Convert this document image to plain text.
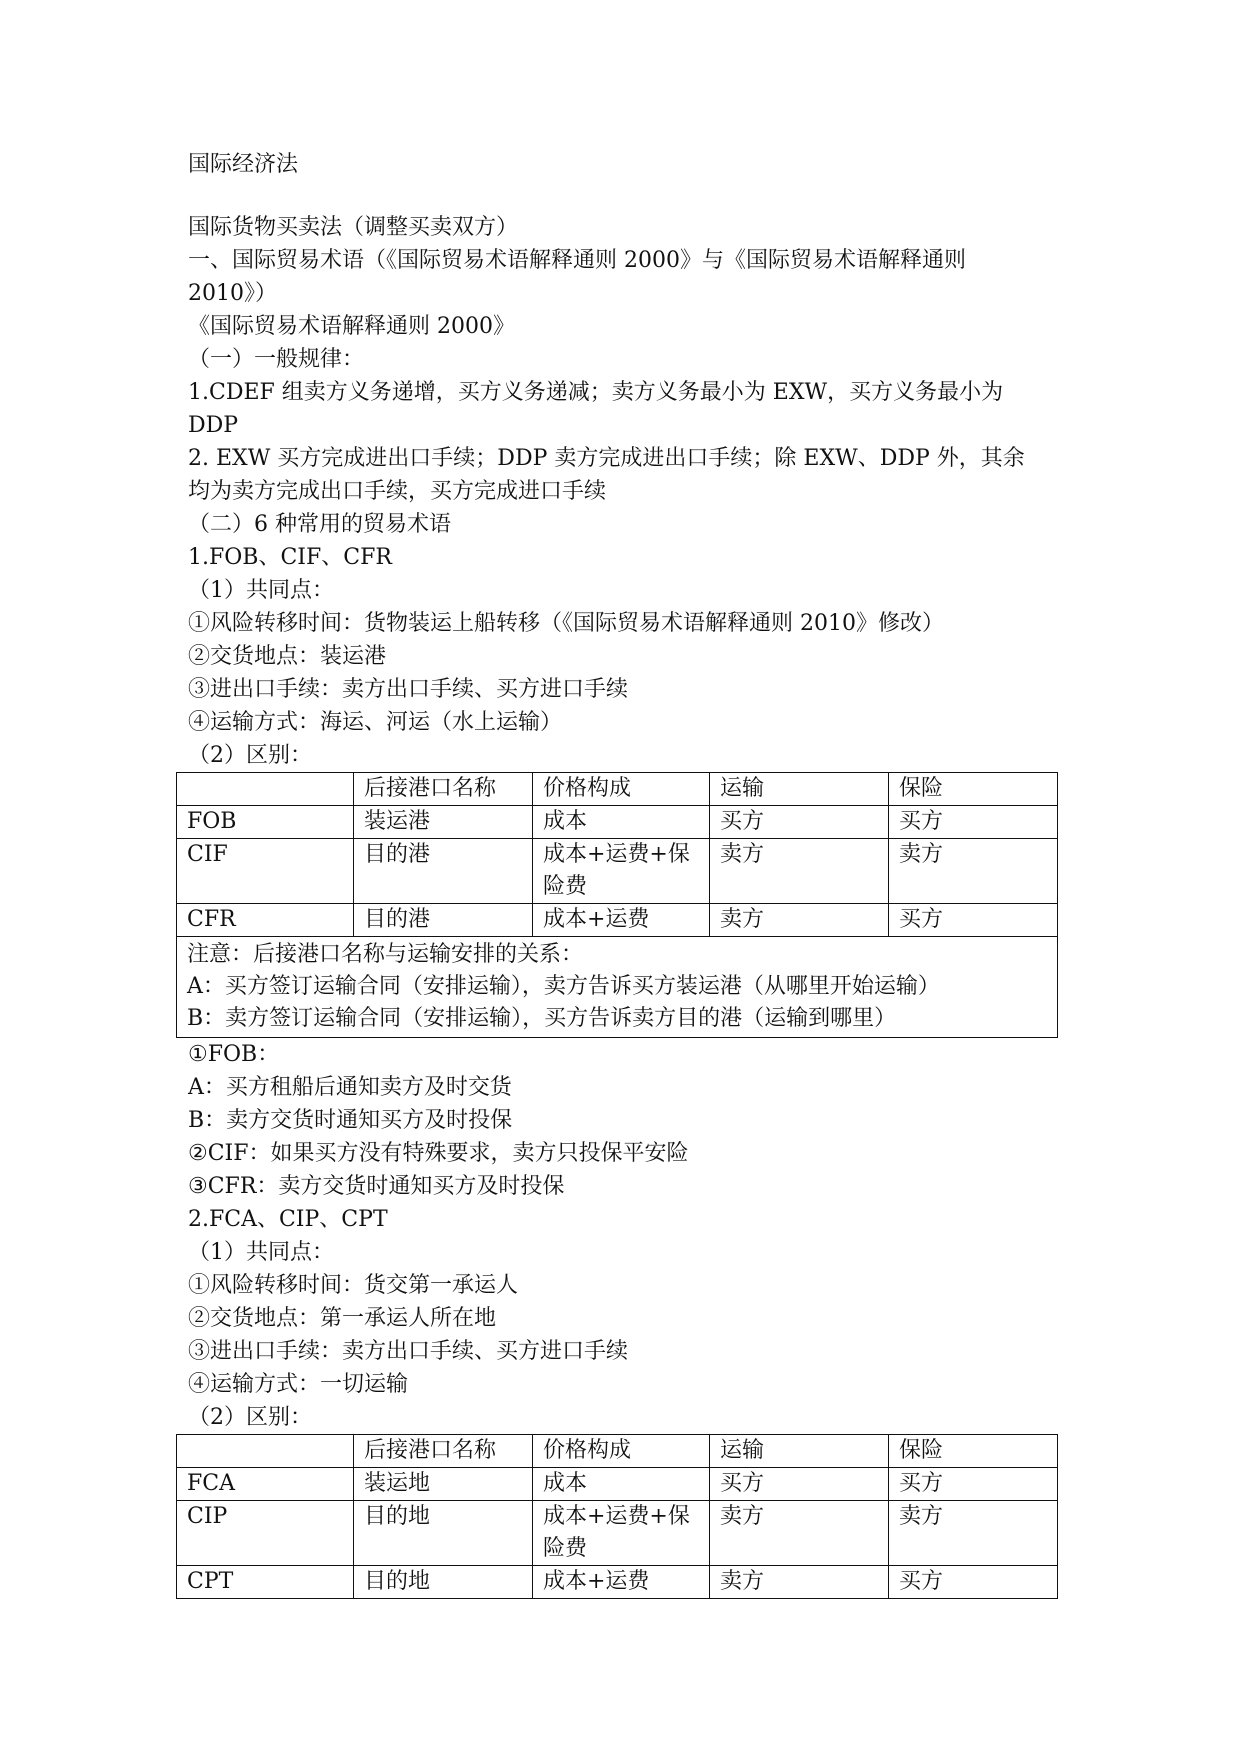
国际经济法
国际货物买卖法（调整买卖双方）
一、国际贸易术语（《国际贸易术语解释通则 2000》与《国际贸易术语解释通则
2010》）
《国际贸易术语解释通则 2000》
（一）一般规律：
1.CDEF 组卖方义务递增，买方义务递减；卖方义务最小为 EXW，买方义务最小为
DDP
2. EXW 买方完成进出口手续；DDP 卖方完成进出口手续；除 EXW、DDP 外，其余
均为卖方完成出口手续，买方完成进口手续
（二）6 种常用的贸易术语
1.FOB、CIF、CFR
（1）共同点：
①风险转移时间：货物装运上船转移（《国际贸易术语解释通则 2010》修改）
②交货地点：装运港
③进出口手续：卖方出口手续、买方进口手续
④运输方式：海运、河运（水上运输）
（2）区别：
	后接港口名称	价格构成	运输	保险
FOB	装运港	成本	买方	买方
CIF	目的港	成本+运费+保险费	卖方	卖方
CFR	目的港	成本+运费	卖方	买方
注意：后接港口名称与运输安排的关系：
A：买方签订运输合同（安排运输），卖方告诉买方装运港（从哪里开始运输）
B：卖方签订运输合同（安排运输），买方告诉卖方目的港（运输到哪里）
①FOB：
A：买方租船后通知卖方及时交货
B：卖方交货时通知买方及时投保
②CIF：如果买方没有特殊要求，卖方只投保平安险
③CFR：卖方交货时通知买方及时投保
2.FCA、CIP、CPT
（1）共同点：
①风险转移时间：货交第一承运人
②交货地点：第一承运人所在地
③进出口手续：卖方出口手续、买方进口手续
④运输方式：一切运输
（2）区别：
	后接港口名称	价格构成	运输	保险
FCA	装运地	成本	买方	买方
CIP	目的地	成本+运费+保险费	卖方	卖方
CPT	目的地	成本+运费	卖方	买方
